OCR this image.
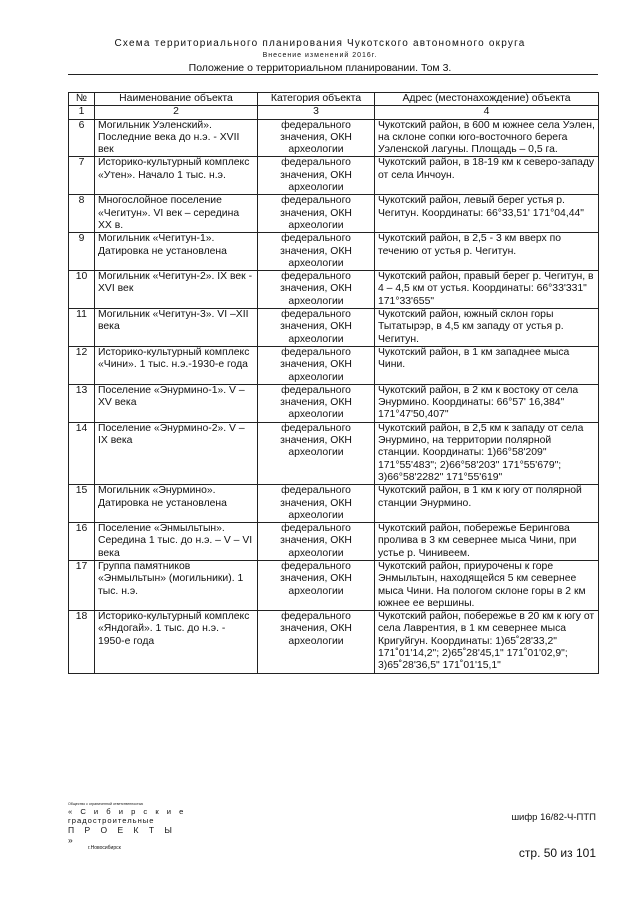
Схема территориального планирования Чукотского автономного округа
Внесение изменений 2016г.
Положение о территориальном планировании. Том 3.
№	Наименование объекта	Категория объекта	Адрес (местонахождение) объекта
1	2	3	4
6	Могильник Уэленский». Последние века до н.э. - XVII век	федерального значения, ОКН археологии	Чукотский район, в 600 м южнее села Уэлен, на склоне сопки юго-восточного берега Уэленской лагуны. Площадь – 0,5 га.
7	Историко-культурный комплекс «Утен». Начало 1 тыс. н.э.	федерального значения, ОКН археологии	Чукотский район, в 18-19 км к северо-западу от села Инчоун.
8	Многослойное поселение «Чегитун». VI век – середина XX в.	федерального значения, ОКН археологии	Чукотский район, левый берег устья р. Чегитун. Координаты: 66°33,51' 171°04,44"
9	Могильник «Чегитун-1». Датировка не установлена	федерального значения, ОКН археологии	Чукотский район, в 2,5 - 3 км вверх по течению от устья р. Чегитун.
10	Могильник «Чегитун-2». IX век - XVI век	федерального значения, ОКН археологии	Чукотский район, правый берег р. Чегитун, в 4 – 4,5 км от устья. Координаты: 66°33'331" 171°33'655"
11	Могильник «Чегитун-3». VI –XII века	федерального значения, ОКН археологии	Чукотский район, южный склон горы Тытатырэр, в 4,5 км западу от устья р. Чегитун.
12	Историко-культурный комплекс «Чини». 1 тыс. н.э.-1930-е года	федерального значения, ОКН археологии	Чукотский район, в 1 км западнее мыса Чини.
13	Поселение «Энурмино-1». V –XV века	федерального значения, ОКН археологии	Чукотский район, в 2 км к востоку от села Энурмино. Координаты: 66°57' 16,384" 171°47'50,407"
14	Поселение «Энурмино-2». V – IX века	федерального значения, ОКН археологии	Чукотский район, в 2,5 км к западу от села Энурмино, на территории полярной станции. Координаты: 1)66°58'209" 171°55'483"; 2)66°58'203" 171°55'679"; 3)66°58'2282" 171°55'619"
15	Могильник «Энурмино». Датировка не установлена	федерального значения, ОКН археологии	Чукотский район, в 1 км к югу от полярной станции Энурмино.
16	Поселение «Энмыльтын». Середина 1 тыс. до н.э. – V – VI века	федерального значения, ОКН археологии	Чукотский район, побережье Берингова пролива в 3 км севернее мыса Чини, при устье р. Чинивеем.
17	Группа памятников «Энмыльтын» (могильники). 1 тыс. н.э.	федерального значения, ОКН археологии	Чукотский район, приурочены к горе Энмыльтын, находящейся 5 км севернее мыса Чини. На пологом склоне горы в 2 км южнее ее вершины.
18	Историко-культурный комплекс «Яндогай». 1 тыс. до н.э. - 1950-е года	федерального значения, ОКН археологии	Чукотский район, побережье в 20 км к югу от села Лаврентия, в 1 км севернее мыса Кригуйгун. Координаты: 1)65˚28'33,2" 171˚01'14,2"; 2)65˚28'45,1" 171˚01'02,9"; 3)65˚28'36,5" 171˚01'15,1"
Общество с ограниченной ответственностью
« С и б и р с к и е
градостроительные
П Р О Е К Т Ы »
г.Новосибирск
шифр 16/82-Ч-ПТП
стр. 50 из 101
